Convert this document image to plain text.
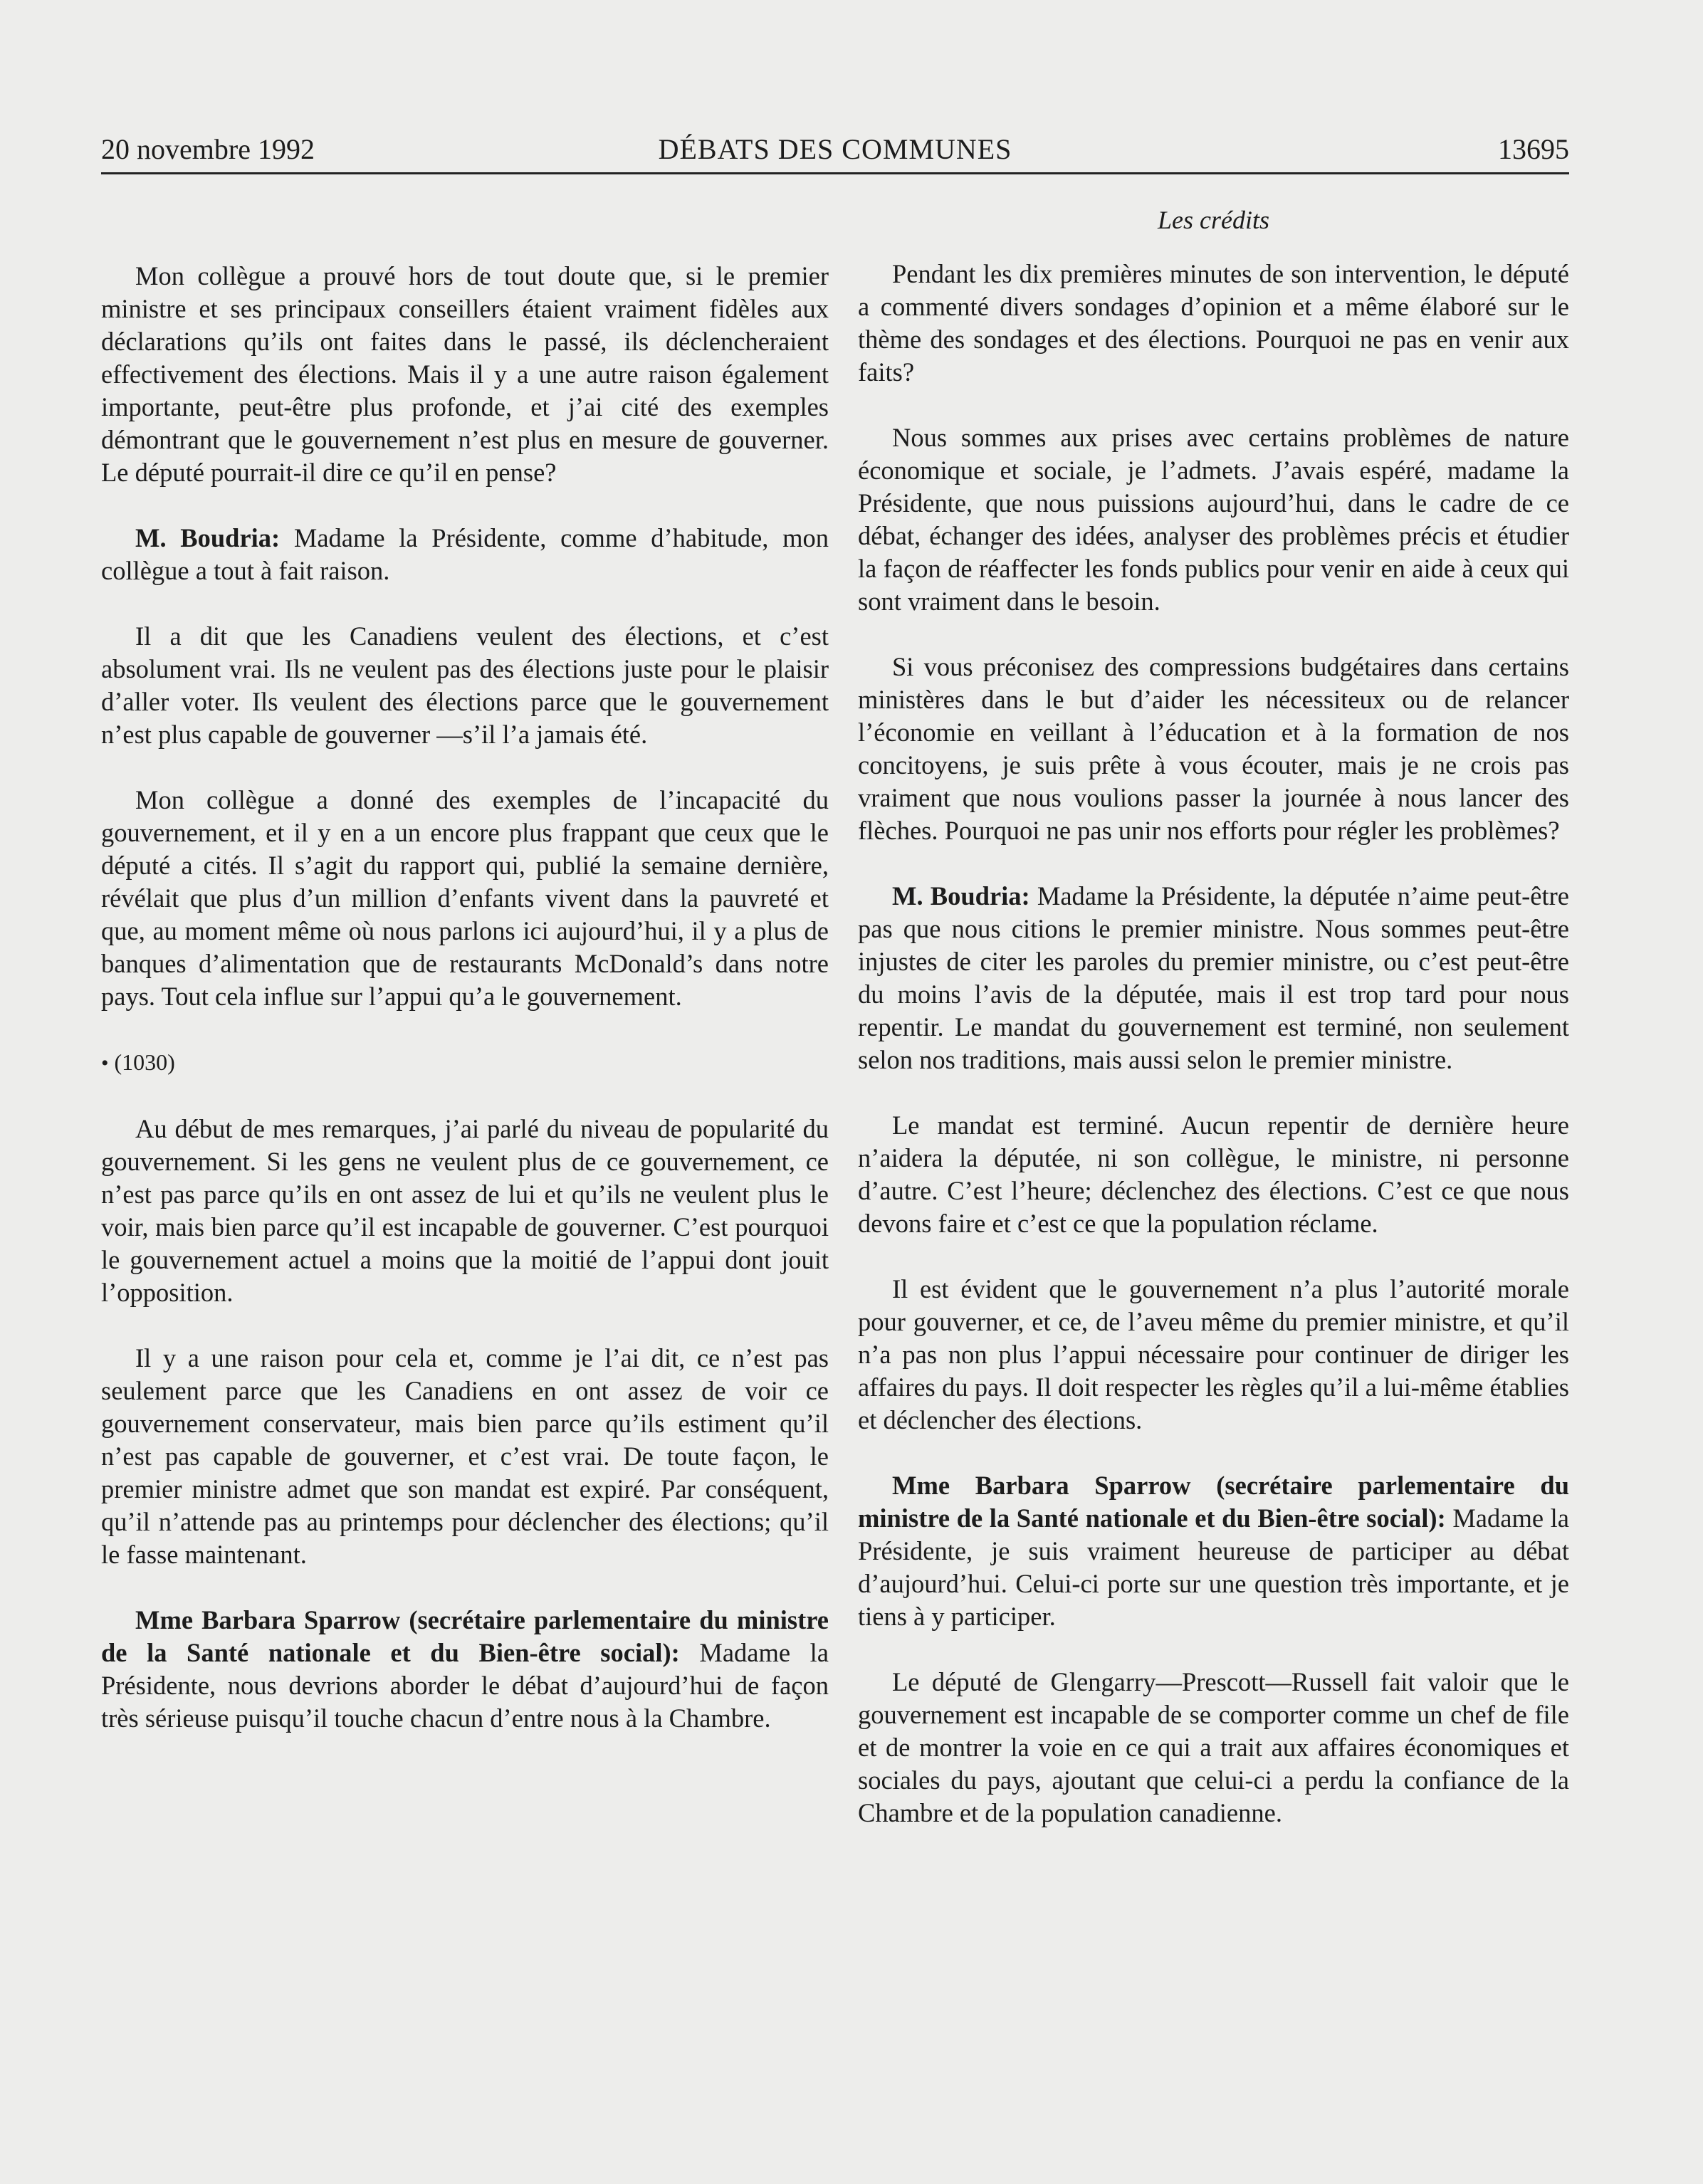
20 novembre 1992	DÉBATS DES COMMUNES	13695
Les crédits

Mon collègue a prouvé hors de tout doute que, si le premier ministre et ses principaux conseillers étaient vraiment fidèles aux déclarations qu’ils ont faites dans le passé, ils déclencheraient effectivement des élections. Mais il y a une autre raison également importante, peut-être plus profonde, et j’ai cité des exemples démontrant que le gouvernement n’est plus en mesure de gouverner. Le député pourrait-il dire ce qu’il en pense?

M. Boudria: Madame la Présidente, comme d’habitude, mon collègue a tout à fait raison.

Il a dit que les Canadiens veulent des élections, et c’est absolument vrai. Ils ne veulent pas des élections juste pour le plaisir d’aller voter. Ils veulent des élections parce que le gouvernement n’est plus capable de gouverner —s’il l’a jamais été.

Mon collègue a donné des exemples de l’incapacité du gouvernement, et il y en a un encore plus frappant que ceux que le député a cités. Il s’agit du rapport qui, publié la semaine dernière, révélait que plus d’un million d’enfants vivent dans la pauvreté et que, au moment même où nous parlons ici aujourd’hui, il y a plus de banques d’alimentation que de restaurants McDonald’s dans notre pays. Tout cela influe sur l’appui qu’a le gouvernement.

• (1030)

Au début de mes remarques, j’ai parlé du niveau de popularité du gouvernement. Si les gens ne veulent plus de ce gouvernement, ce n’est pas parce qu’ils en ont assez de lui et qu’ils ne veulent plus le voir, mais bien parce qu’il est incapable de gouverner. C’est pourquoi le gouvernement actuel a moins que la moitié de l’appui dont jouit l’opposition.

Il y a une raison pour cela et, comme je l’ai dit, ce n’est pas seulement parce que les Canadiens en ont assez de voir ce gouvernement conservateur, mais bien parce qu’ils estiment qu’il n’est pas capable de gouverner, et c’est vrai. De toute façon, le premier ministre admet que son mandat est expiré. Par conséquent, qu’il n’attende pas au printemps pour déclencher des élections; qu’il le fasse maintenant.

Mme Barbara Sparrow (secrétaire parlementaire du ministre de la Santé nationale et du Bien-être social): Madame la Présidente, nous devrions aborder le débat d’aujourd’hui de façon très sérieuse puisqu’il touche chacun d’entre nous à la Chambre.

Pendant les dix premières minutes de son intervention, le député a commenté divers sondages d’opinion et a même élaboré sur le thème des sondages et des élections. Pourquoi ne pas en venir aux faits?

Nous sommes aux prises avec certains problèmes de nature économique et sociale, je l’admets. J’avais espéré, madame la Présidente, que nous puissions aujourd’hui, dans le cadre de ce débat, échanger des idées, analyser des problèmes précis et étudier la façon de réaffecter les fonds publics pour venir en aide à ceux qui sont vraiment dans le besoin.

Si vous préconisez des compressions budgétaires dans certains ministères dans le but d’aider les nécessiteux ou de relancer l’économie en veillant à l’éducation et à la formation de nos concitoyens, je suis prête à vous écouter, mais je ne crois pas vraiment que nous voulions passer la journée à nous lancer des flèches. Pourquoi ne pas unir nos efforts pour régler les problèmes?

M. Boudria: Madame la Présidente, la députée n’aime peut-être pas que nous citions le premier ministre. Nous sommes peut-être injustes de citer les paroles du premier ministre, ou c’est peut-être du moins l’avis de la députée, mais il est trop tard pour nous repentir. Le mandat du gouvernement est terminé, non seulement selon nos traditions, mais aussi selon le premier ministre.

Le mandat est terminé. Aucun repentir de dernière heure n’aidera la députée, ni son collègue, le ministre, ni personne d’autre. C’est l’heure; déclenchez des élections. C’est ce que nous devons faire et c’est ce que la population réclame.

Il est évident que le gouvernement n’a plus l’autorité morale pour gouverner, et ce, de l’aveu même du premier ministre, et qu’il n’a pas non plus l’appui nécessaire pour continuer de diriger les affaires du pays. Il doit respecter les règles qu’il a lui-même établies et déclencher des élections.

Mme Barbara Sparrow (secrétaire parlementaire du ministre de la Santé nationale et du Bien-être social): Madame la Présidente, je suis vraiment heureuse de participer au débat d’aujourd’hui. Celui-ci porte sur une question très importante, et je tiens à y participer.

Le député de Glengarry—Prescott—Russell fait valoir que le gouvernement est incapable de se comporter comme un chef de file et de montrer la voie en ce qui a trait aux affaires économiques et sociales du pays, ajoutant que celui-ci a perdu la confiance de la Chambre et de la population canadienne.
